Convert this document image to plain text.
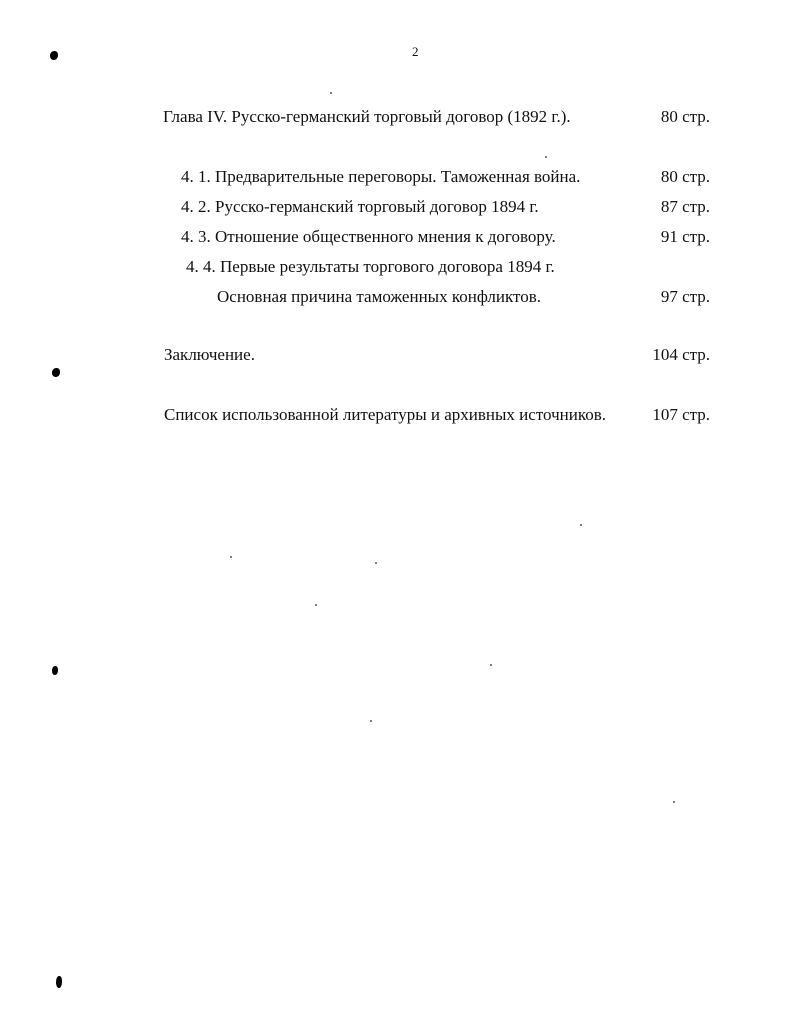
2
Глава IV. Русско-германский торговый договор (1892 г.).	80 стр.
4. 1. Предварительные переговоры. Таможенная война.	80 стр.
4. 2. Русско-германский торговый договор 1894 г.	87 стр.
4. 3. Отношение общественного мнения к договору.	91 стр.
4. 4. Первые результаты торгового договора 1894 г.
Основная причина таможенных конфликтов.	97 стр.
Заключение.	104 стр.
Список использованной литературы и архивных источников.	107 стр.
